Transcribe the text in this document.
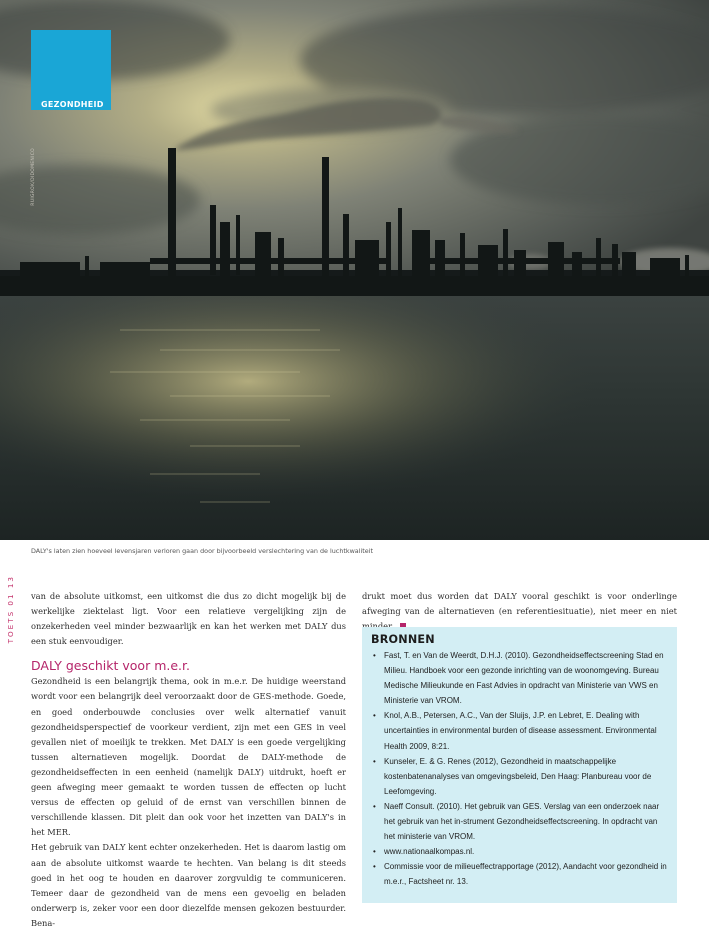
GEZONDHEID
RUIGROK/DIDOMENICO
DALY's laten zien hoeveel levensjaren verloren gaan door bijvoorbeeld verslechtering van de luchtkwaliteit
TOETS 01 13 van de absolute uitkomst, een uitkomst die dus zo dicht mogelijk bij de werkelijke ziektelast ligt. Voor een relatieve vergelijking zijn de onzekerheden veel minder bezwaarlijk en kan het werken met DALY dus een stuk eenvoudiger.

DALY geschikt voor m.e.r.

Gezondheid is een belangrijk thema, ook in m.e.r. De huidige weerstand wordt voor een belangrijk deel veroorzaakt door de GES-methode. Goede, en goed onderbouwde conclusies over welk alternatief vanuit gezondheidsperspectief de voorkeur verdient, zijn met een GES in veel gevallen niet of moeilijk te trekken. Met DALY is een goede vergelijking tussen alternatieven mogelijk. Doordat de DALY-methode de gezondheidseffecten in een eenheid (namelijk DALY) uitdrukt, hoeft er geen afweging meer gemaakt te worden tussen de effecten op lucht versus de effecten op geluid of de ernst van verschillen binnen de verschillende klassen. Dit pleit dan ook voor het inzetten van DALY's in het MER.

Het gebruik van DALY kent echter onzekerheden. Het is daarom lastig om aan de absolute uitkomst waarde te hechten. Van belang is dit steeds goed in het oog te houden en daarover zorgvuldig te communiceren. Temeer daar de gezondheid van de mens een gevoelig en beladen onderwerp is, zeker voor een door diezelfde mensen gekozen bestuurder. Bena-

drukt moet dus worden dat DALY vooral geschikt is voor onderlinge afweging van de alternatieven (en referentiesituatie), niet meer en niet

BRONNEN
• Fast, T. en Van de Weerdt, D.H.J. (2010). Gezondheidseffectscreening Stad en Milieu. Handboek voor een gezonde inrichting van de woonomgeving. Bureau Medische Milieukunde en Fast Advies in opdracht van Ministerie van VWS en Ministerie van VROM.
• Knol, A.B., Petersen, A.C., Van der Sluijs, J.P. en Lebret, E. Dealing with uncertainties in environmental burden of disease assessment. Environmental Health 2009, 8:21.
• Kunseler, E. & G. Renes (2012), Gezondheid in maatschappelijke kostenbatenanalyses van omgevingsbeleid, Den Haag: Planbureau voor de Leefomgeving.
• Naeff Consult. (2010). Het gebruik van GES. Verslag van een onderzoek naar het gebruik van het in-strument Gezondheidseffectscreening. In opdracht van het ministerie van VROM.
• www.nationaalkompas.nl.
• Commissie voor de milieueffectrapportage (2012), Aandacht voor gezondheid in m.e.r., Factsheet nr. 13.
